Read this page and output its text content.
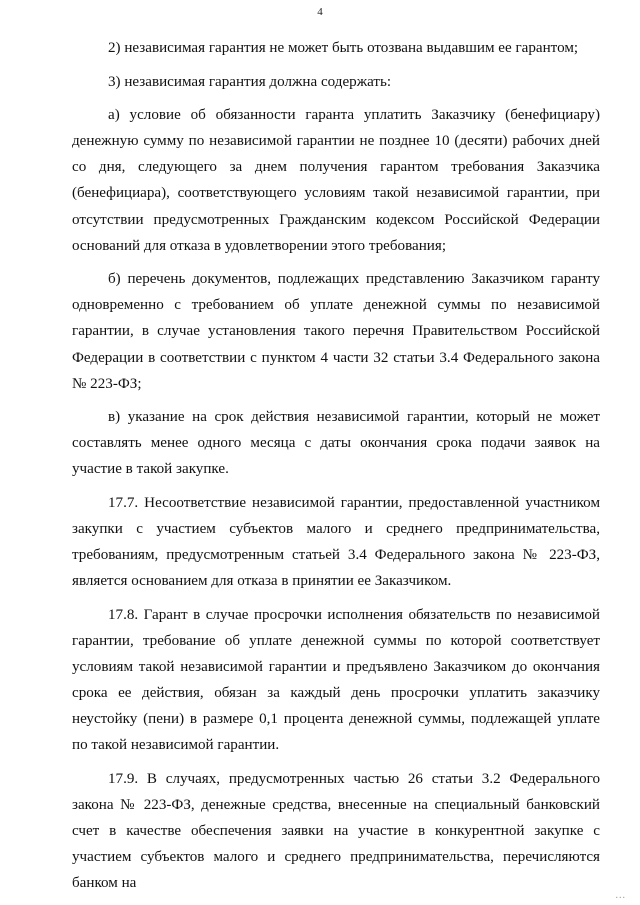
4

2) независимая гарантия не может быть отозвана выдавшим ее гарантом;

3) независимая гарантия должна содержать:

а) условие об обязанности гаранта уплатить Заказчику (бенефициару) денежную сумму по независимой гарантии не позднее 10 (десяти) рабочих дней со дня, следующего за днем получения гарантом требования Заказчика (бенефициара), соответствующего условиям такой независимой гарантии, при отсутствии предусмотренных Гражданским кодексом Российской Федерации оснований для отказа в удовлетворении этого требования;

б) перечень документов, подлежащих представлению Заказчиком гаранту одновременно с требованием об уплате денежной суммы по независимой гарантии, в случае установления такого перечня Правительством Российской Федерации в соответствии с пунктом 4 части 32 статьи 3.4 Федерального закона № 223-ФЗ;

в) указание на срок действия независимой гарантии, который не может составлять менее одного месяца с даты окончания срока подачи заявок на участие в такой закупке.

17.7. Несоответствие независимой гарантии, предоставленной участником закупки с участием субъектов малого и среднего предпринимательства, требованиям, предусмотренным статьей 3.4 Федерального закона № 223-ФЗ, является основанием для отказа в принятии ее Заказчиком.

17.8. Гарант в случае просрочки исполнения обязательств по независимой гарантии, требование об уплате денежной суммы по которой соответствует условиям такой независимой гарантии и предъявлено Заказчиком до окончания срока ее действия, обязан за каждый день просрочки уплатить заказчику неустойку (пени) в размере 0,1 процента денежной суммы, подлежащей уплате по такой независимой гарантии.

17.9. В случаях, предусмотренных частью 26 статьи 3.2 Федерального закона № 223-ФЗ, денежные средства, внесенные на специальный банковский счет в качестве обеспечения заявки на участие в конкурентной закупке с участием субъектов малого и среднего предпринимательства, перечисляются банком на

...
